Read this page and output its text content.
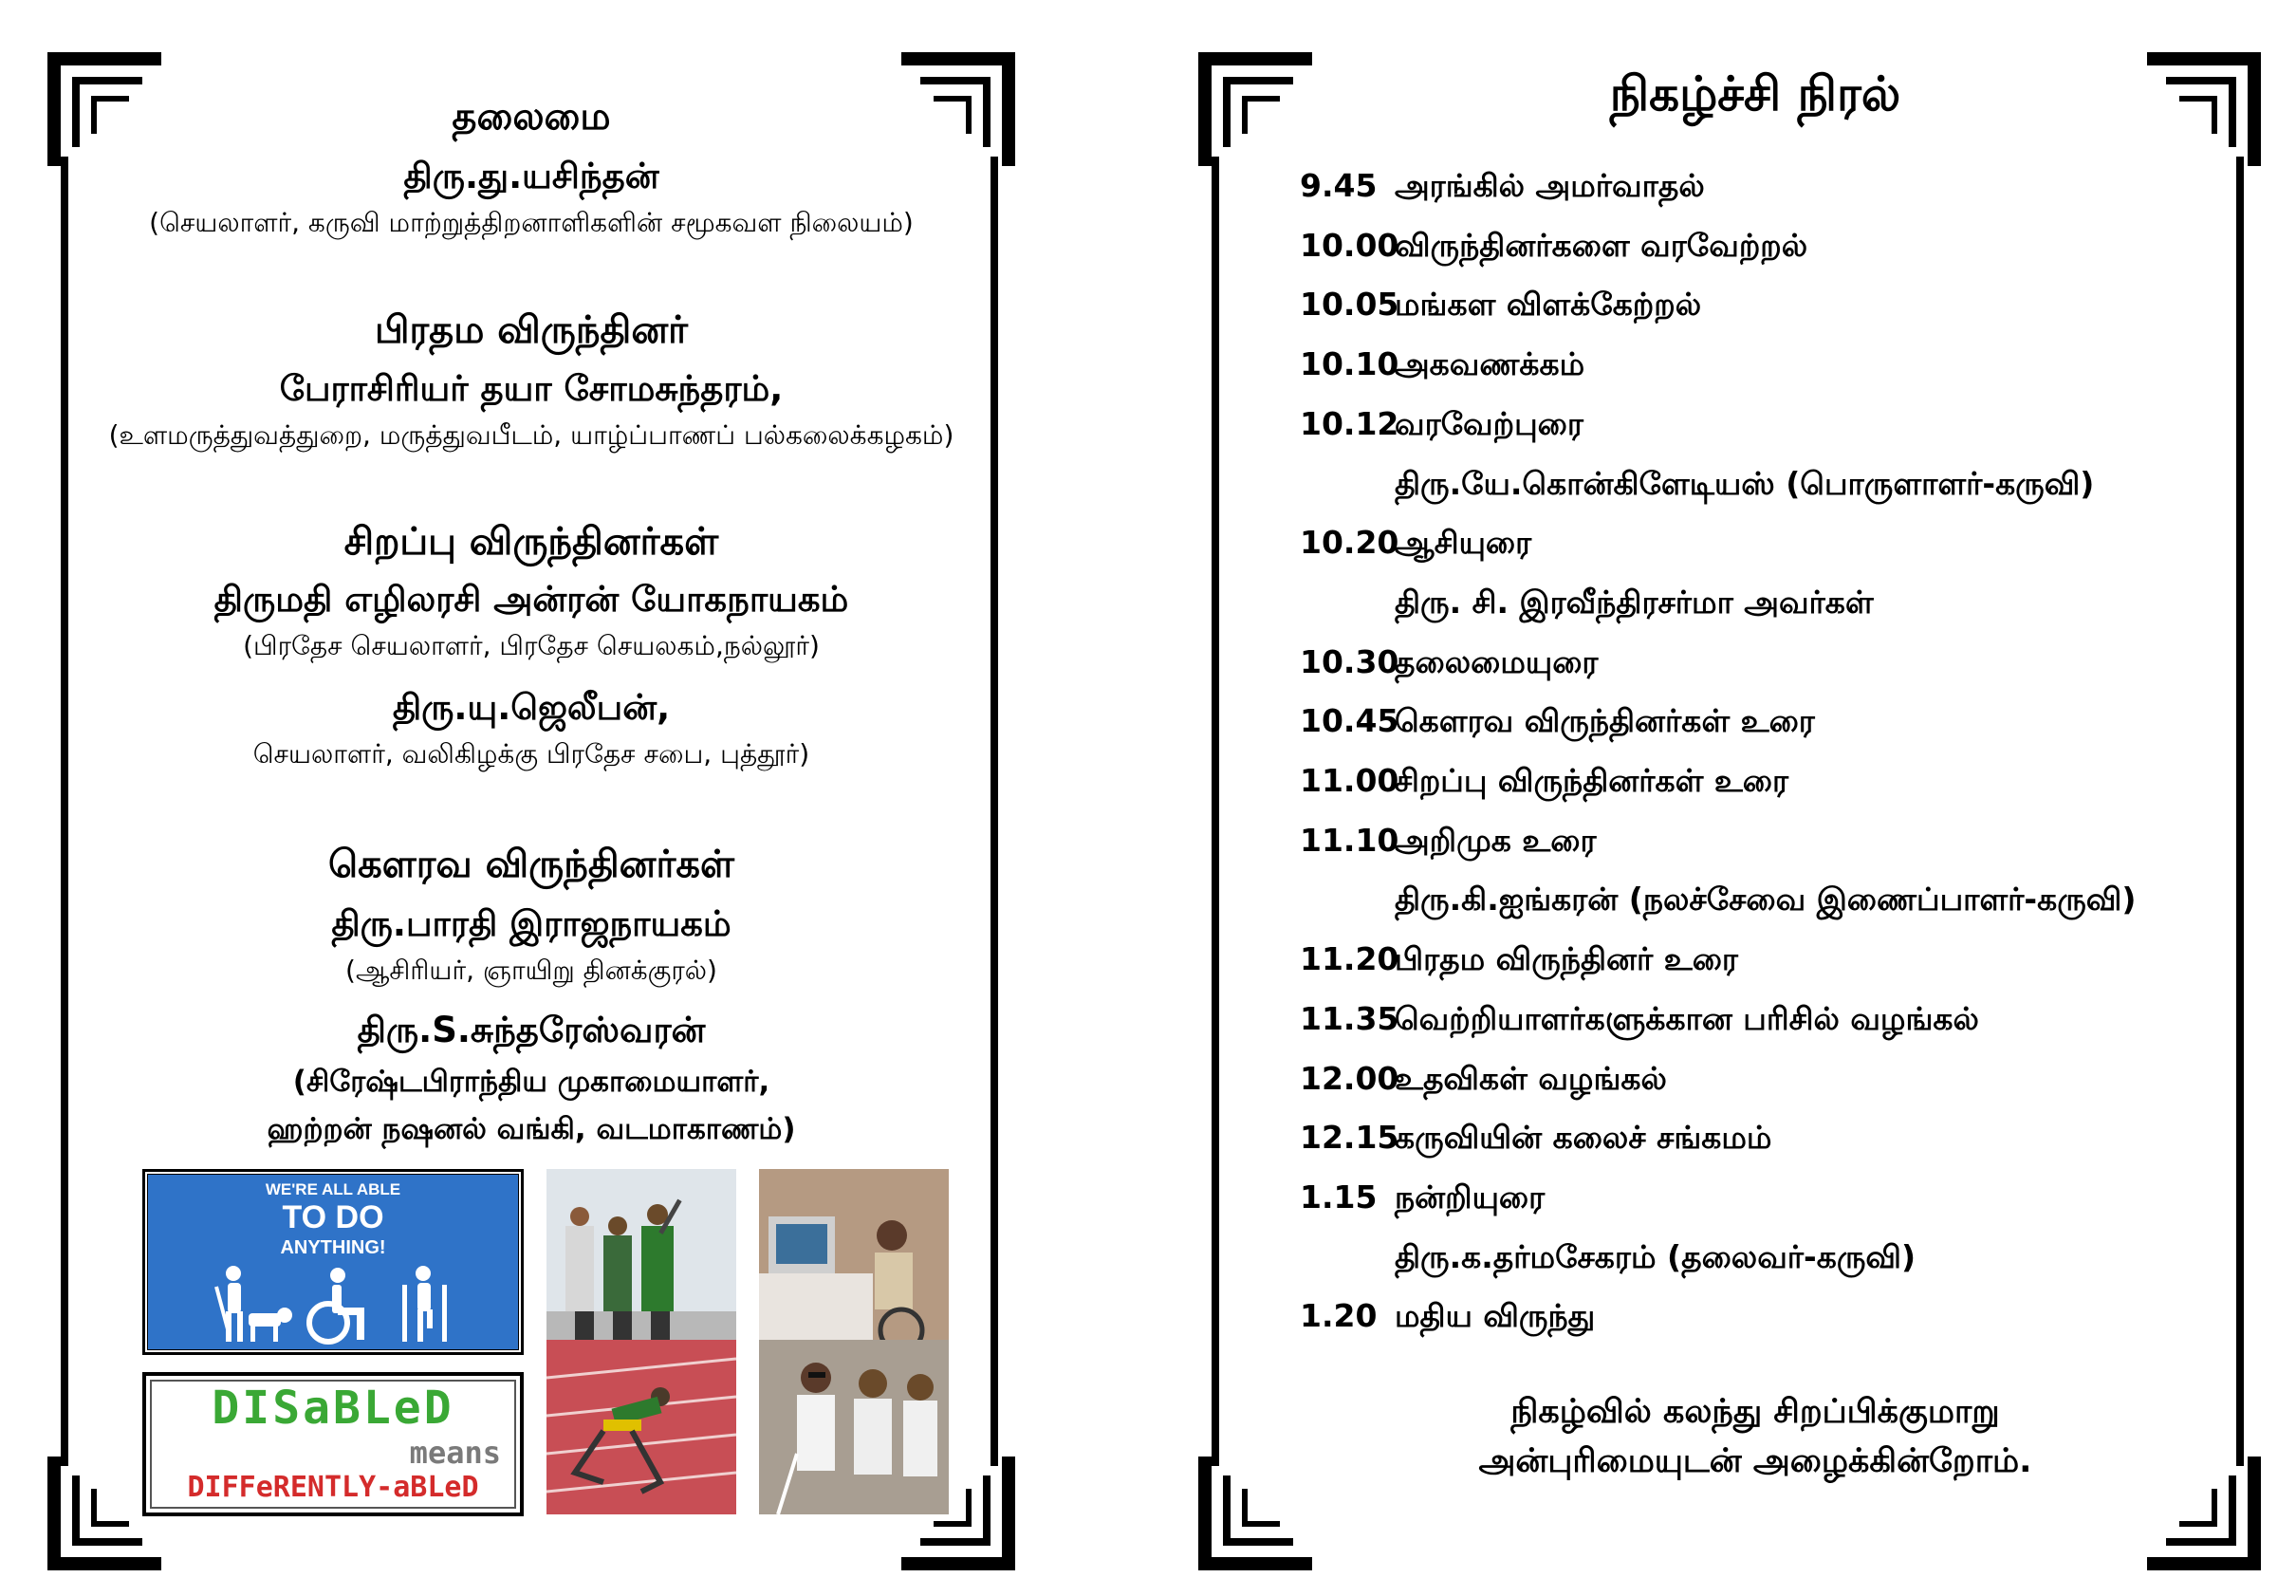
தலைமை
திரு.து.யசிந்தன்
(செயலாளர், கருவி மாற்றுத்திறனாளிகளின் சமூகவள நிலையம்)
பிரதம விருந்தினர்
பேராசிரியர் தயா சோமசுந்தரம்,
(உளமருத்துவத்துறை, மருத்துவபீடம், யாழ்ப்பாணப் பல்கலைக்கழகம்)
சிறப்பு விருந்தினர்கள்
திருமதி எழிலரசி அன்ரன் யோகநாயகம்
(பிரதேச செயலாளர், பிரதேச செயலகம்,நல்லூர்)
திரு.யு.ஜெலீபன்,
செயலாளர், வலிகிழக்கு பிரதேச சபை, புத்தூர்)
கௌரவ விருந்தினர்கள்
திரு.பாரதி இராஜநாயகம்
(ஆசிரியர், ஞாயிறு தினக்குரல்)
திரு.S.சுந்தரேஸ்வரன்
(சிரேஷ்டபிராந்திய முகாமையாளர்,
ஹற்றன் நஷனல் வங்கி, வடமாகாணம்)
WE'RE ALL ABLE
TO DO
ANYTHING!
DISaBLeD
means
DIFFeRENTLY-aBLeD
நிகழ்ச்சி நிரல்
9.45 அரங்கில் அமர்வாதல்
10.00விருந்தினர்களை வரவேற்றல்
10.05மங்கள விளக்கேற்றல்
10.10அகவணக்கம்
10.12வரவேற்புரை
திரு.யே.கொன்கிளேடியஸ் (பொருளாளர்-கருவி)
10.20ஆசியுரை
திரு. சி. இரவீந்திரசர்மா அவர்கள்
10.30தலைமையுரை
10.45கௌரவ விருந்தினர்கள் உரை
11.00சிறப்பு விருந்தினர்கள் உரை
11.10அறிமுக உரை
திரு.கி.ஐங்கரன் (நலச்சேவை இணைப்பாளர்-கருவி)
11.20பிரதம விருந்தினர் உரை
11.35வெற்றியாளர்களுக்கான பரிசில் வழங்கல்
12.00உதவிகள் வழங்கல்
12.15கருவியின் கலைச் சங்கமம்
1.15 நன்றியுரை
திரு.க.தர்மசேகரம் (தலைவர்-கருவி)
1.20 மதிய விருந்து
நிகழ்வில் கலந்து சிறப்பிக்குமாறு
அன்புரிமையுடன் அழைக்கின்றோம்.
